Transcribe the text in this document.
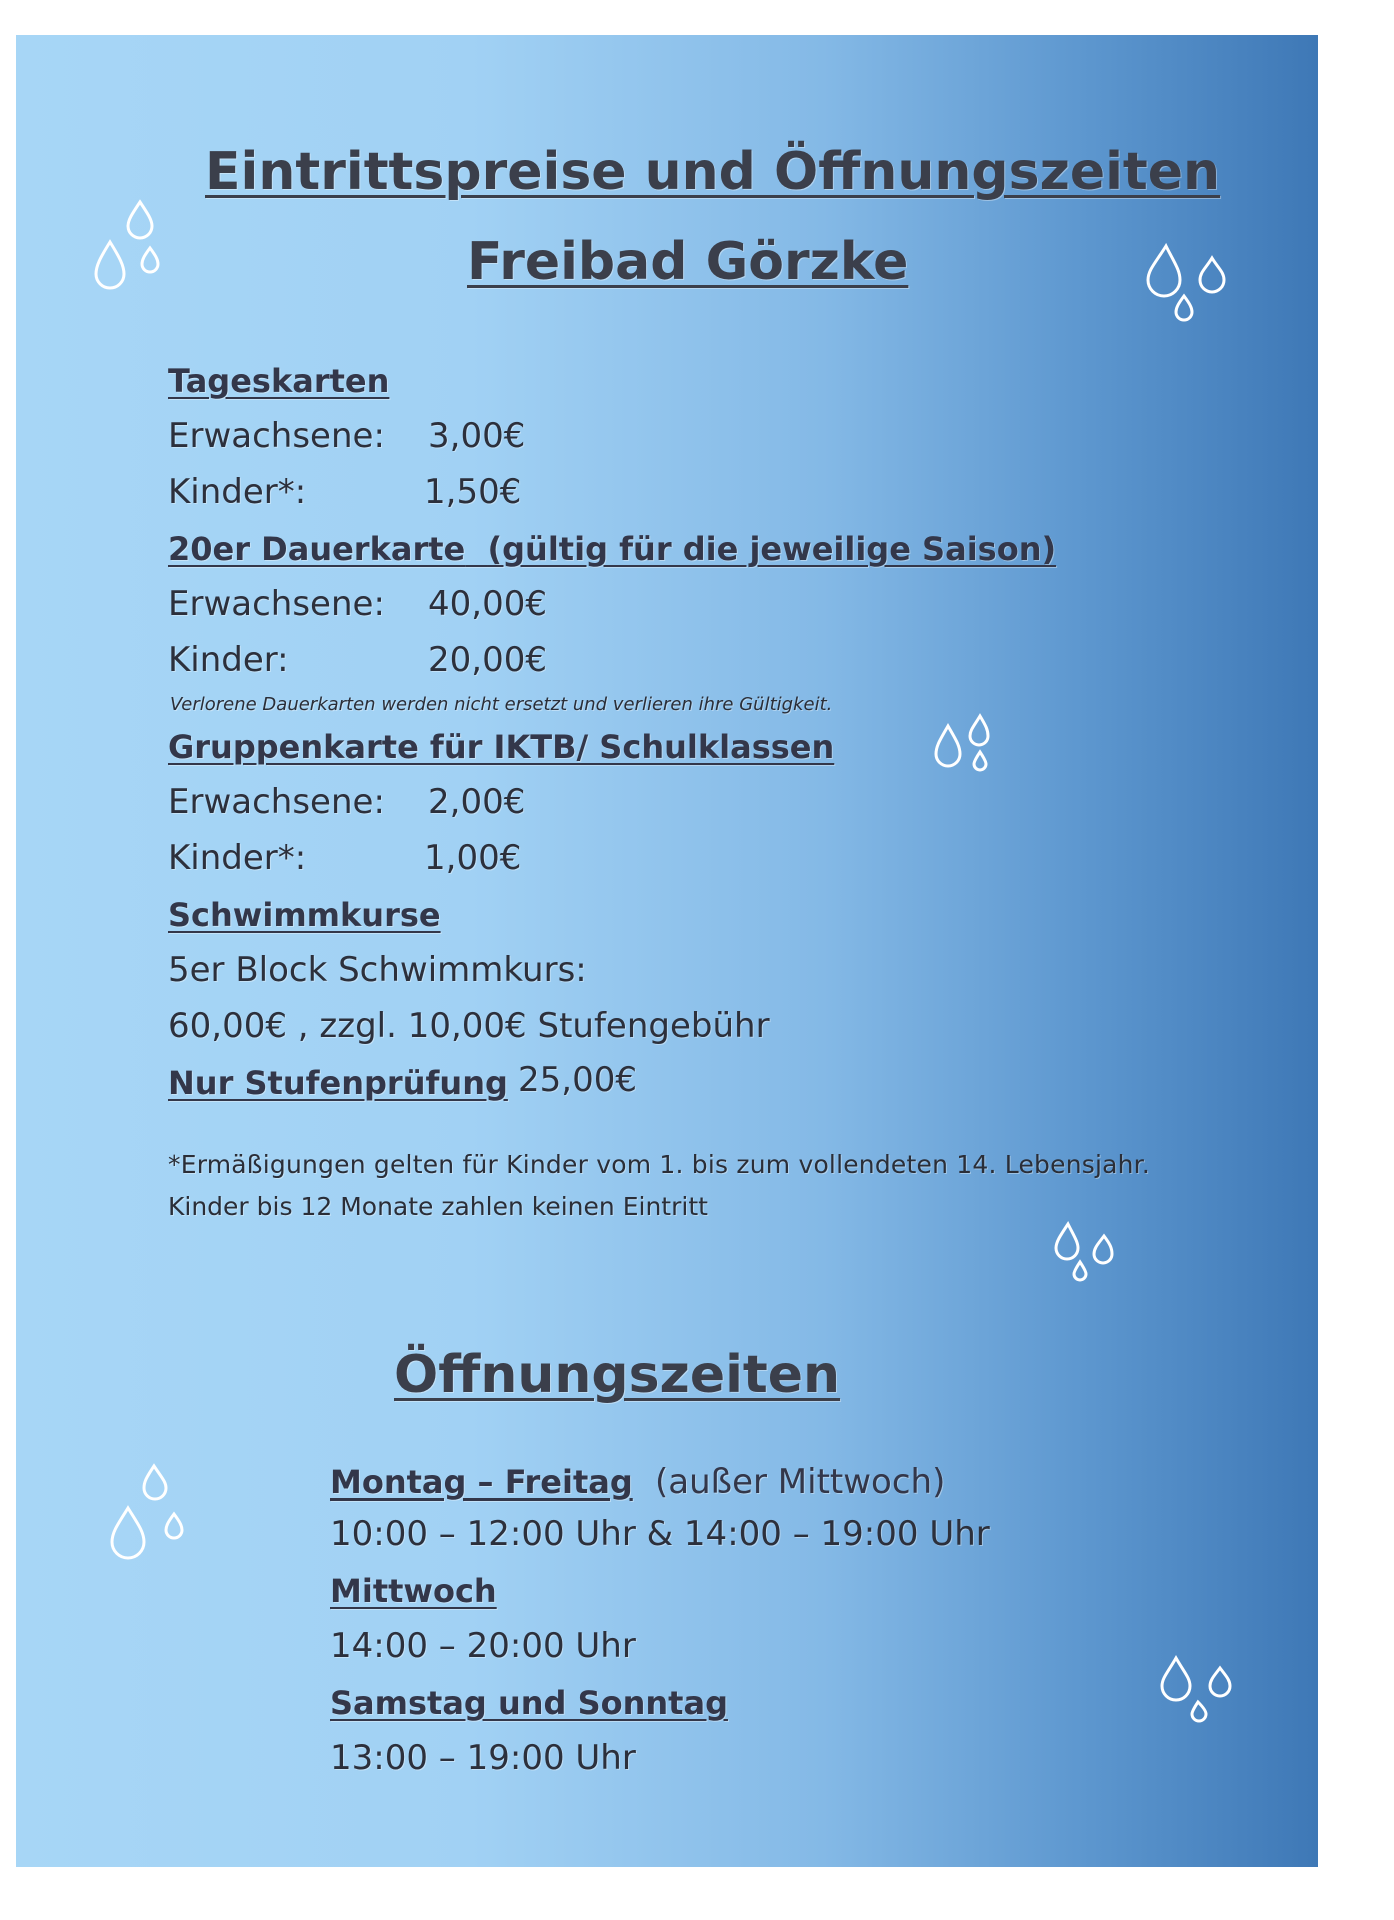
Eintrittspreise und Öffnungszeiten
Freibad Görzke
Tageskarten
Erwachsene: 3,00€
Kinder*:	1,50€
20er Dauerkarte (gültig für die jeweilige Saison)
Erwachsene: 40,00€
Kinder:	20,00€
Verlorene Dauerkarten werden nicht ersetzt und verlieren ihre Gültigkeit.
Gruppenkarte für IKTB/ Schulklassen
Erwachsene: 2,00€
Kinder*:	1,00€
Schwimmkurse
5er Block Schwimmkurs:
60,00€ , zzgl. 10,00€ Stufengebühr
Nur Stufenprüfung 25,00€
*Ermäßigungen gelten für Kinder vom 1. bis zum vollendeten 14. Lebensjahr.
Kinder bis 12 Monate zahlen keinen Eintritt
Öffnungszeiten
Montag – Freitag (außer Mittwoch)
10:00 – 12:00 Uhr & 14:00 – 19:00 Uhr
Mittwoch
14:00 – 20:00 Uhr
Samstag und Sonntag
13:00 – 19:00 Uhr
